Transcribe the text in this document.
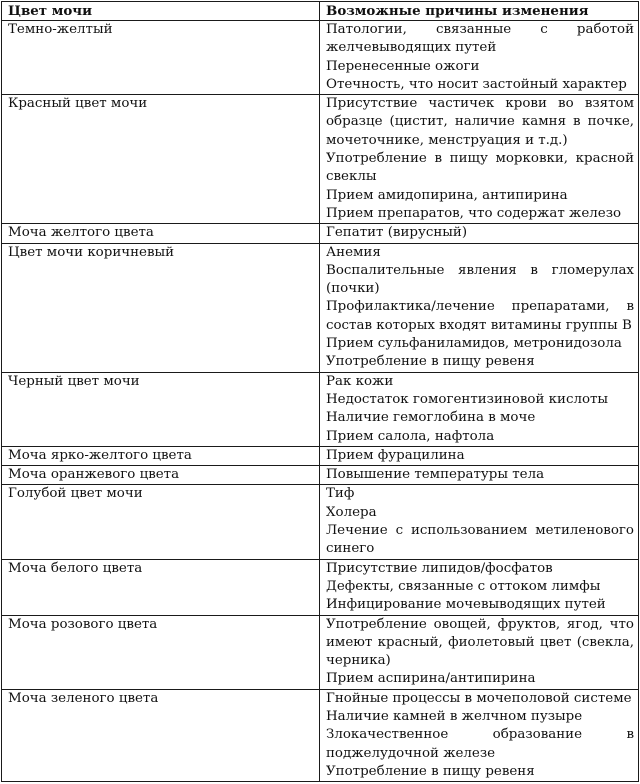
Цвет мочи	Возможные причины изменения
Темно-желтый	Патологии, связанные с работой желчевыводящих путей
Перенесенные ожоги
Отечность, что носит застойный характер

Красный цвет мочи	Присутствие частичек крови во взятом образце (цистит, наличие камня в почке, мочеточнике, менструация и т.д.)
Употребление в пищу морковки, красной свеклы
Прием амидопирина, антипирина
Прием препаратов, что содержат железо

Моча желтого цвета	Гепатит (вирусный)

Цвет мочи коричневый	Анемия
Воспалительные явления в гломерулах (почки)
Профилактика/лечение препаратами, в состав которых входят витамины группы В
Прием сульфаниламидов, метронидозола
Употребление в пищу ревеня

Черный цвет мочи	Рак кожи
Недостаток гомогентизиновой кислоты
Наличие гемоглобина в моче
Прием салола, нафтола

Моча ярко-желтого цвета	Прием фурацилина

Моча оранжевого цвета	Повышение температуры тела

Голубой цвет мочи	Тиф
Холера
Лечение с использованием метиленового синего

Моча белого цвета	Присутствие липидов/фосфатов
Дефекты, связанные с оттоком лимфы
Инфицирование мочевыводящих путей

Моча розового цвета	Употребление овощей, фруктов, ягод, что имеют красный, фиолетовый цвет (свекла, черника)
Прием аспирина/антипирина

Моча зеленого цвета	Гнойные процессы в мочеполовой системе
Наличие камней в желчном пузыре
Злокачественное образование в поджелудочной железе
Употребление в пищу ревеня
